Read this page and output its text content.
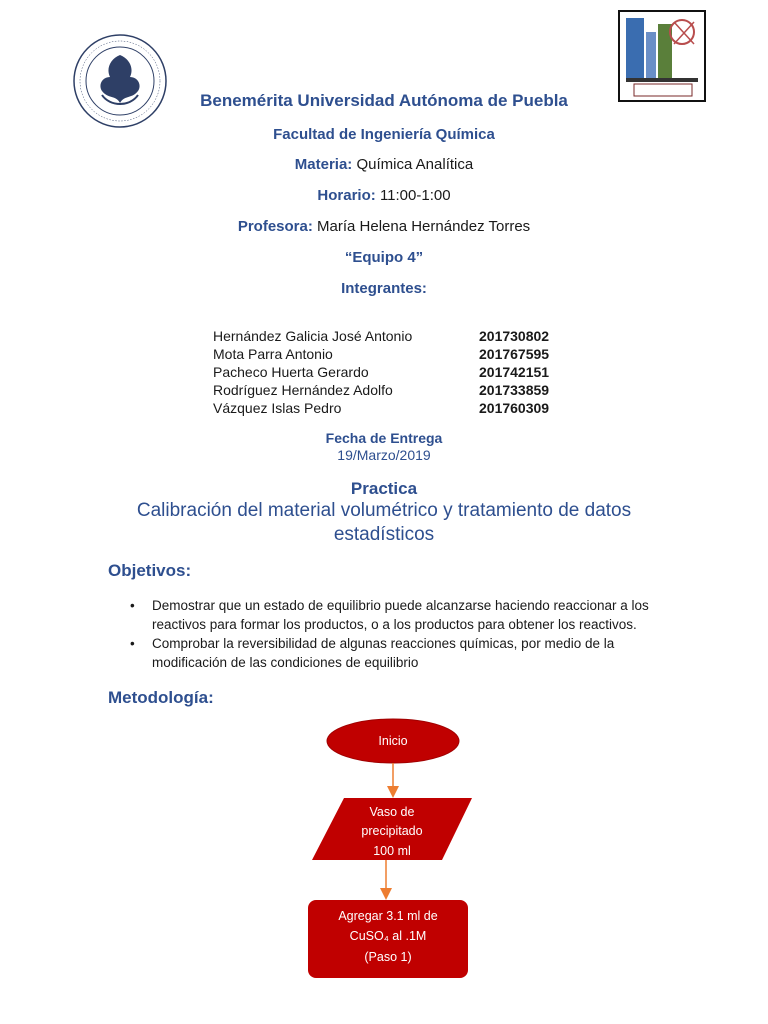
Benemérita Universidad Autónoma de Puebla
Facultad de Ingeniería Química
Materia: Química Analítica
Horario: 11:00-1:00
Profesora: María Helena Hernández Torres
“Equipo 4”
Integrantes:
Hernández Galicia José Antonio	201730802
Mota Parra Antonio	201767595
Pacheco Huerta Gerardo	201742151
Rodríguez Hernández Adolfo	201733859
Vázquez Islas Pedro	201760309
Fecha de Entrega
19/Marzo/2019
Practica
Calibración del material volumétrico y tratamiento de datos
estadísticos
Objetivos:
• Demostrar que un estado de equilibrio puede alcanzarse haciendo reaccionar a los
reactivos para formar los productos, o a los productos para obtener los reactivos.
• Comprobar la reversibilidad de algunas reacciones químicas, por medio de la
modificación de las condiciones de equilibrio
Metodología:
Inicio
Vaso de
precipitado
100 ml
Agregar 3.1 ml de
CuSO₄ al .1M
(Paso 1)
